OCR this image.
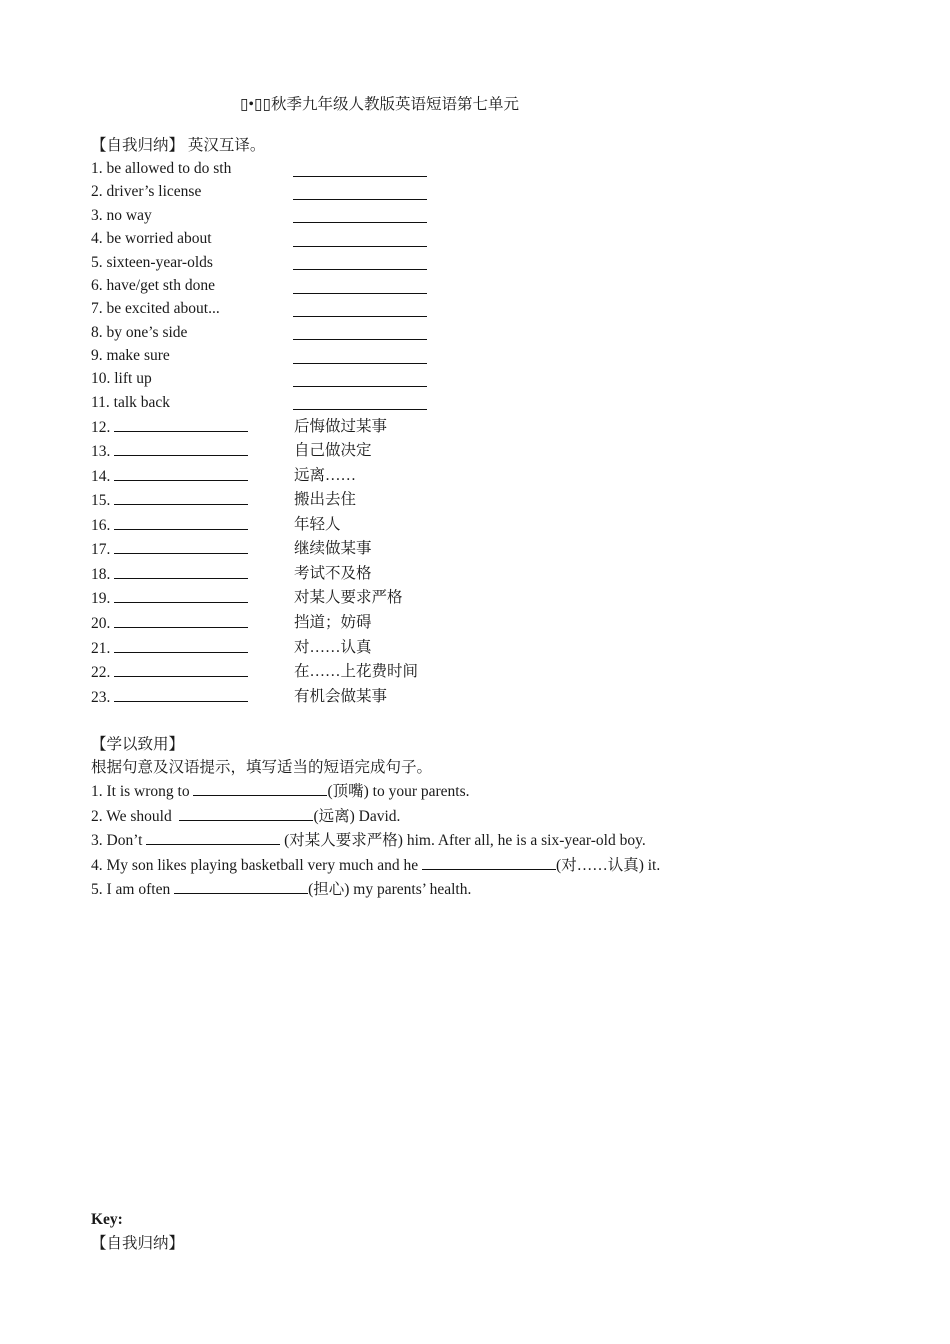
▯•▯▯秋季九年级人教版英语短语第七单元
【自我归纳】 英汉互译。
1. be allowed to do sth
2. driver’s license
3. no way
4. be worried about
5. sixteen-year-olds
6. have/get sth done
7. be excited about...
8. by one’s side
9. make sure
10. lift up
11. talk back
12.	后悔做过某事
13.	自己做决定
14.	远离……
15.	搬出去住
16.	年轻人
17.	继续做某事
18.	考试不及格
19.	对某人要求严格
20.	挡道；妨碍
21.	对……认真
22.	在……上花费时间
23.	有机会做某事
【学以致用】
根据句意及汉语提示，填写适当的短语完成句子。
1. It is wrong to	(顶嘴) to your parents.
2. We should	(远离) David.
3. Don’t	(对某人要求严格) him. After all, he is a six-year-old boy.
4. My son likes playing basketball very much and he	(对……认真) it.
5. I am often	(担心) my parents’ health.
Key:
【自我归纳】
